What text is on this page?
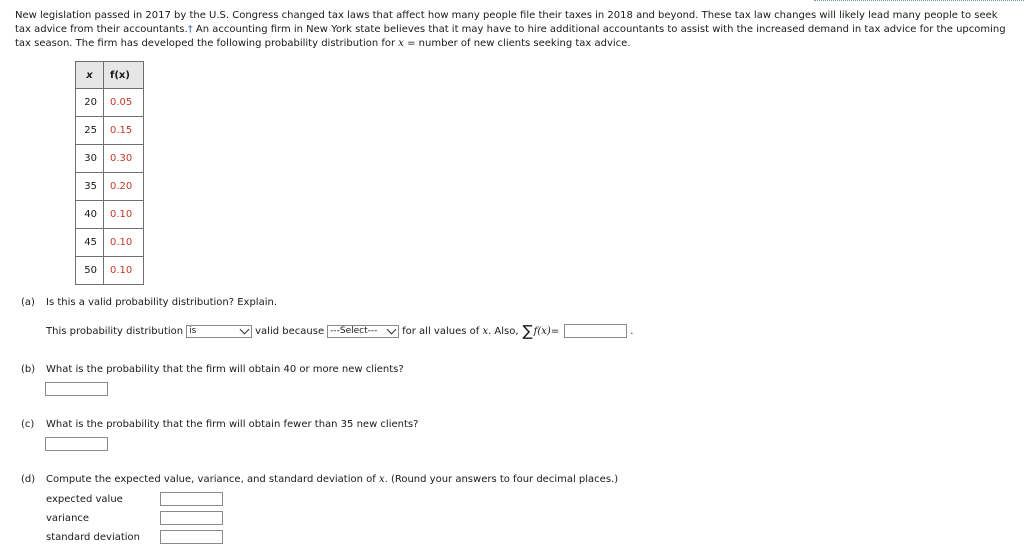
New legislation passed in 2017 by the U.S. Congress changed tax laws that affect how many people file their taxes in 2018 and beyond. These tax law changes will likely lead many people to seek tax advice from their accountants.† An accounting firm in New York state believes that it may have to hire additional accountants to assist with the increased demand in tax advice for the upcoming tax season. The firm has developed the following probability distribution for x = number of new clients seeking tax advice.
x	f(x)
20	0.05
25	0.15
30	0.30
35	0.20
40	0.10
45	0.10
50	0.10
(a) Is this a valid probability distribution? Explain.
This probability distribution is	valid because ---Select--- for all values of
x . Also, ∑ f(x) =	.
(b) What is the probability that the firm will obtain 40 or more new clients?
(c) What is the probability that the firm will obtain fewer than 35 new clients?
(d) Compute the expected value, variance, and standard deviation of x. (Round your answers to four decimal places.)
expected value
variance
standard deviation
